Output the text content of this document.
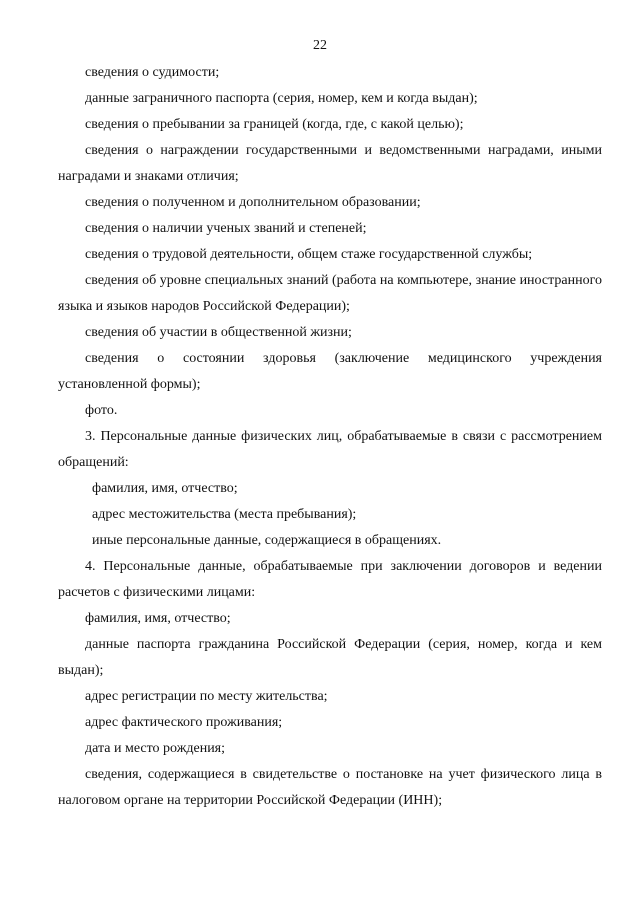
22

сведения о судимости;

данные заграничного паспорта (серия, номер, кем и когда выдан);

сведения о пребывании за границей (когда, где, с какой целью);

сведения о награждении государственными и ведомственными наградами, иными наградами и знаками отличия;

сведения о полученном и дополнительном образовании;

сведения о наличии ученых званий и степеней;

сведения о трудовой деятельности, общем стаже государственной службы;

сведения об уровне специальных знаний (работа на компьютере, знание иностранного языка и языков народов Российской Федерации);

сведения об участии в общественной жизни;

сведения о состоянии здоровья (заключение медицинского учреждения установленной формы);

фото.

3. Персональные данные физических лиц, обрабатываемые в связи с рассмотрением обращений:

фамилия, имя, отчество;

адрес местожительства (места пребывания);

иные персональные данные, содержащиеся в обращениях.

4. Персональные данные, обрабатываемые при заключении договоров и ведении расчетов с физическими лицами:

фамилия, имя, отчество;

данные паспорта гражданина Российской Федерации (серия, номер, когда и кем выдан);

адрес регистрации по месту жительства;

адрес фактического проживания;

дата и место рождения;

сведения, содержащиеся в свидетельстве о постановке на учет физического лица в налоговом органе на территории Российской Федерации (ИНН);
